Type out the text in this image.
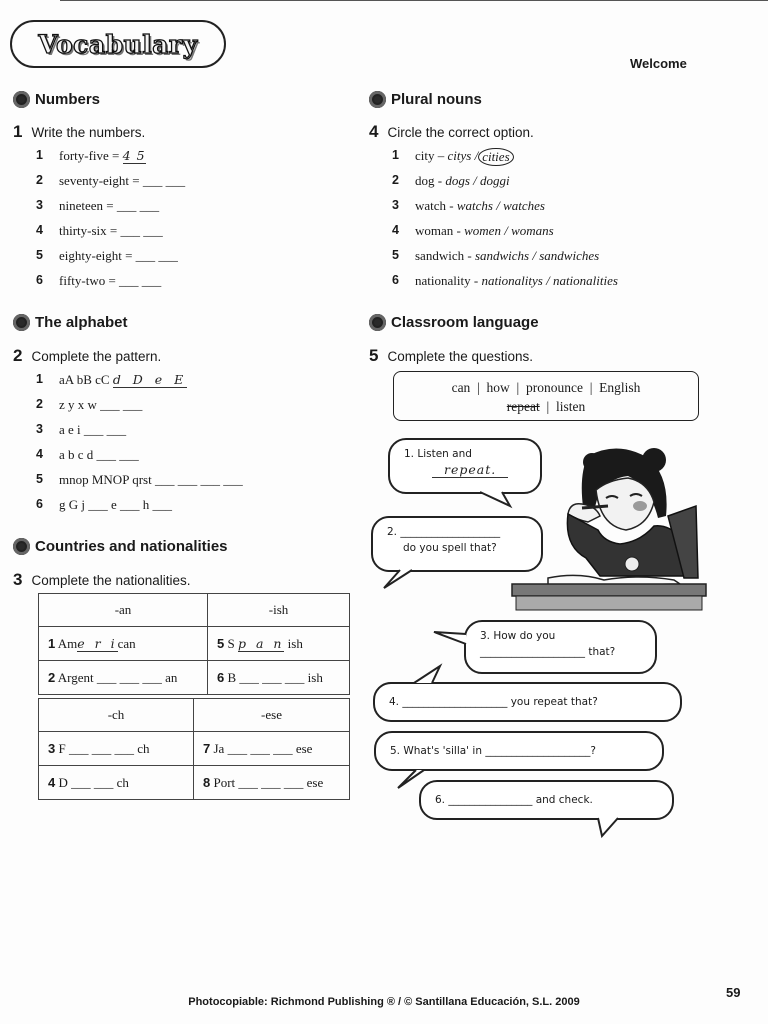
Vocabulary
Welcome
Numbers
1 Write the numbers.
1	forty-five =
4 5
2	seventy-eight =
___ ___
3	nineteen =
___ ___
4	thirty-six =
___ ___
5	eighty-eight =
___ ___
6	fifty-two =
___ ___
The alphabet
2 Complete the pattern.
1	aA bB cC
d D e E
2	z y x w
___ ___
3	a e i
___ ___
4	a b c d
___ ___
5	mnop MNOP qrst
___ ___ ___ ___
6	g G j ___ e ___ h ___
Countries and nationalities
3 Complete the nationalities.
-an	-ish
1 Ame r ican	5 S p a n ish
2 Argent ___ ___ ___ an	6 B ___ ___ ___ ish
-ch	-ese
3 F ___ ___ ___ ch	7 Ja ___ ___ ___ ese
4 D ___ ___ ch	8 Port ___ ___ ___ ese
Plural nouns
4 Circle the correct option.
1	city –
citys / cities
2	dog -
dogs /
doggi
3	watch -
watchs /
watches
4	woman -
women /
womans
5	sandwich -
sandwichs /
sandwiches
6	nationality -
nationalitys /
nationalities
Classroom language
5 Complete the questions.
can  |  how  |  pronounce  |  English
repeat  |  listen
1. Listen and
repeat.
2. ___________________
do you spell that?
3. How do you
____________________ that?
4. ____________________ you repeat that?
5. What's 'silla' in ____________________?
6. ________________ and check.
59
Photocopiable: Richmond Publishing ® / © Santillana Educación, S.L. 2009
